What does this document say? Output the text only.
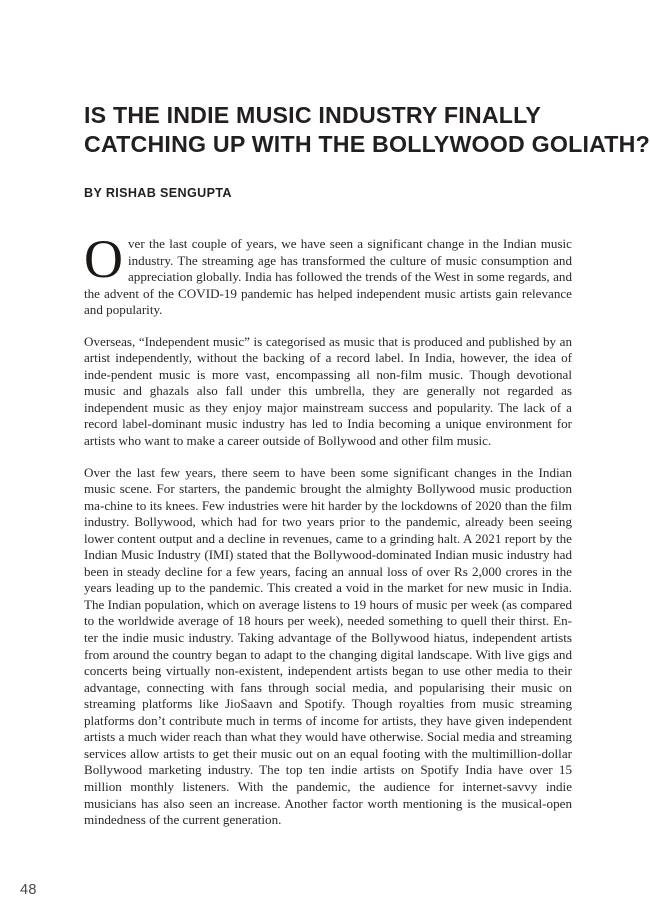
IS THE INDIE MUSIC INDUSTRY FINALLY
CATCHING UP WITH THE BOLLYWOOD GOLIATH?

BY RISHAB SENGUPTA

Over the last couple of years, we have seen a significant change in the Indian music industry. The streaming age has transformed the culture of music consumption and appreciation globally. India has followed the trends of the West in some regards, and the advent of the COVID-19 pandemic has helped independent music artists gain relevance and popularity.

Overseas, “Independent music” is categorised as music that is produced and published by an artist independently, without the backing of a record label. In India, however, the idea of inde-pendent music is more vast, encompassing all non-film music. Though devotional music and ghazals also fall under this umbrella, they are generally not regarded as independent music as they enjoy major mainstream success and popularity. The lack of a record label-dominant music industry has led to India becoming a unique environment for artists who want to make a career outside of Bollywood and other film music.

Over the last few years, there seem to have been some significant changes in the Indian music scene. For starters, the pandemic brought the almighty Bollywood music production ma-chine to its knees. Few industries were hit harder by the lockdowns of 2020 than the film industry. Bollywood, which had for two years prior to the pandemic, already been seeing lower content output and a decline in revenues, came to a grinding halt. A 2021 report by the Indian Music Industry (IMI) stated that the Bollywood-dominated Indian music industry had been in steady decline for a few years, facing an annual loss of over Rs 2,000 crores in the years leading up to the pandemic. This created a void in the market for new music in India. The Indian population, which on average listens to 19 hours of music per week (as compared to the worldwide average of 18 hours per week), needed something to quell their thirst. En-ter the indie music industry. Taking advantage of the Bollywood hiatus, independent artists from around the country began to adapt to the changing digital landscape. With live gigs and concerts being virtually non-existent, independent artists began to use other media to their advantage, connecting with fans through social media, and popularising their music on streaming platforms like JioSaavn and Spotify. Though royalties from music streaming platforms don’t contribute much in terms of income for artists, they have given independent artists a much wider reach than what they would have otherwise. Social media and streaming services allow artists to get their music out on an equal footing with the multimillion-dollar Bollywood marketing industry. The top ten indie artists on Spotify India have over 15 million monthly listeners. With the pandemic, the audience for internet-savvy indie musicians has also seen an increase. Another factor worth mentioning is the musical-open mindedness of the current generation.

48
